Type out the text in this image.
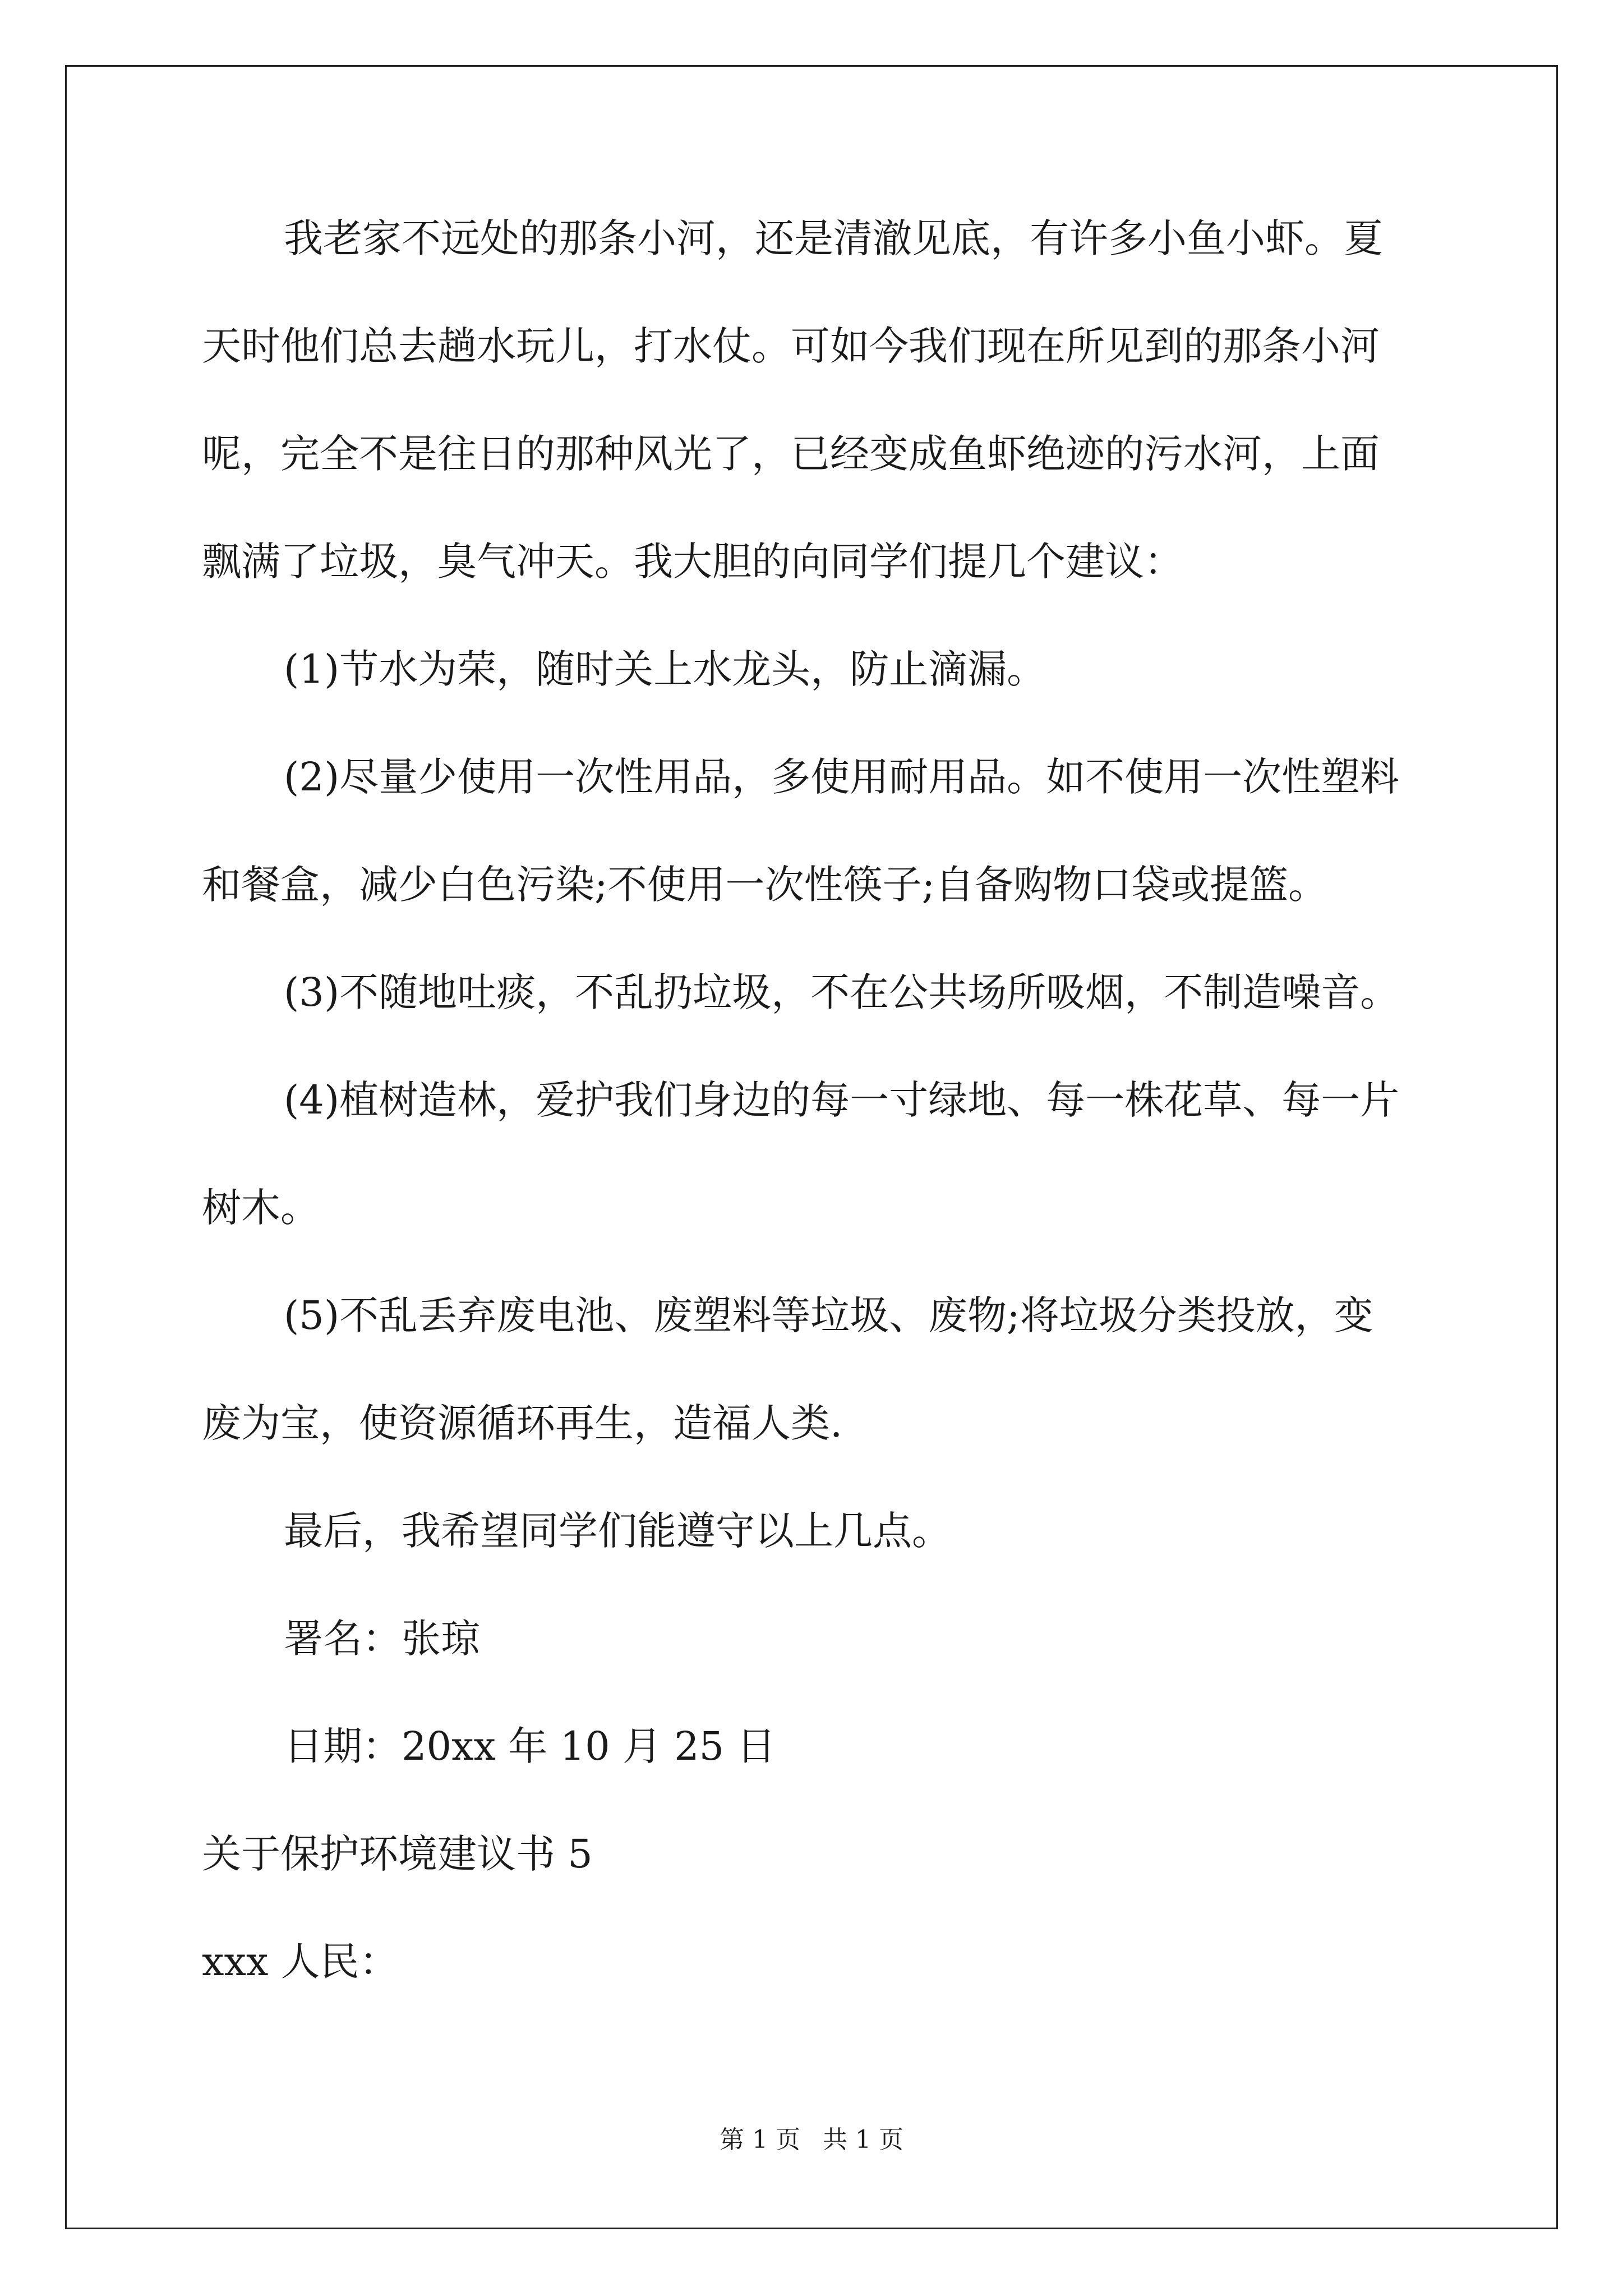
我老家不远处的那条小河，还是清澈见底，有许多小鱼小虾。夏
天时他们总去趟水玩儿，打水仗。可如今我们现在所见到的那条小河
呢，完全不是往日的那种风光了，已经变成鱼虾绝迹的污水河，上面
飘满了垃圾，臭气冲天。我大胆的向同学们提几个建议：
(1)节水为荣，随时关上水龙头，防止滴漏。
(2)尽量少使用一次性用品，多使用耐用品。如不使用一次性塑料
和餐盒，减少白色污染;不使用一次性筷子;自备购物口袋或提篮。
(3)不随地吐痰，不乱扔垃圾，不在公共场所吸烟，不制造噪音。
(4)植树造林，爱护我们身边的每一寸绿地、每一株花草、每一片
树木。
(5)不乱丢弃废电池、废塑料等垃圾、废物;将垃圾分类投放，变
废为宝，使资源循环再生，造福人类.
最后，我希望同学们能遵守以上几点。
署名：张琼
日期：20xx 年 10 月 25 日
关于保护环境建议书 5
xxx 人民：
第 1 页 共 1 页
